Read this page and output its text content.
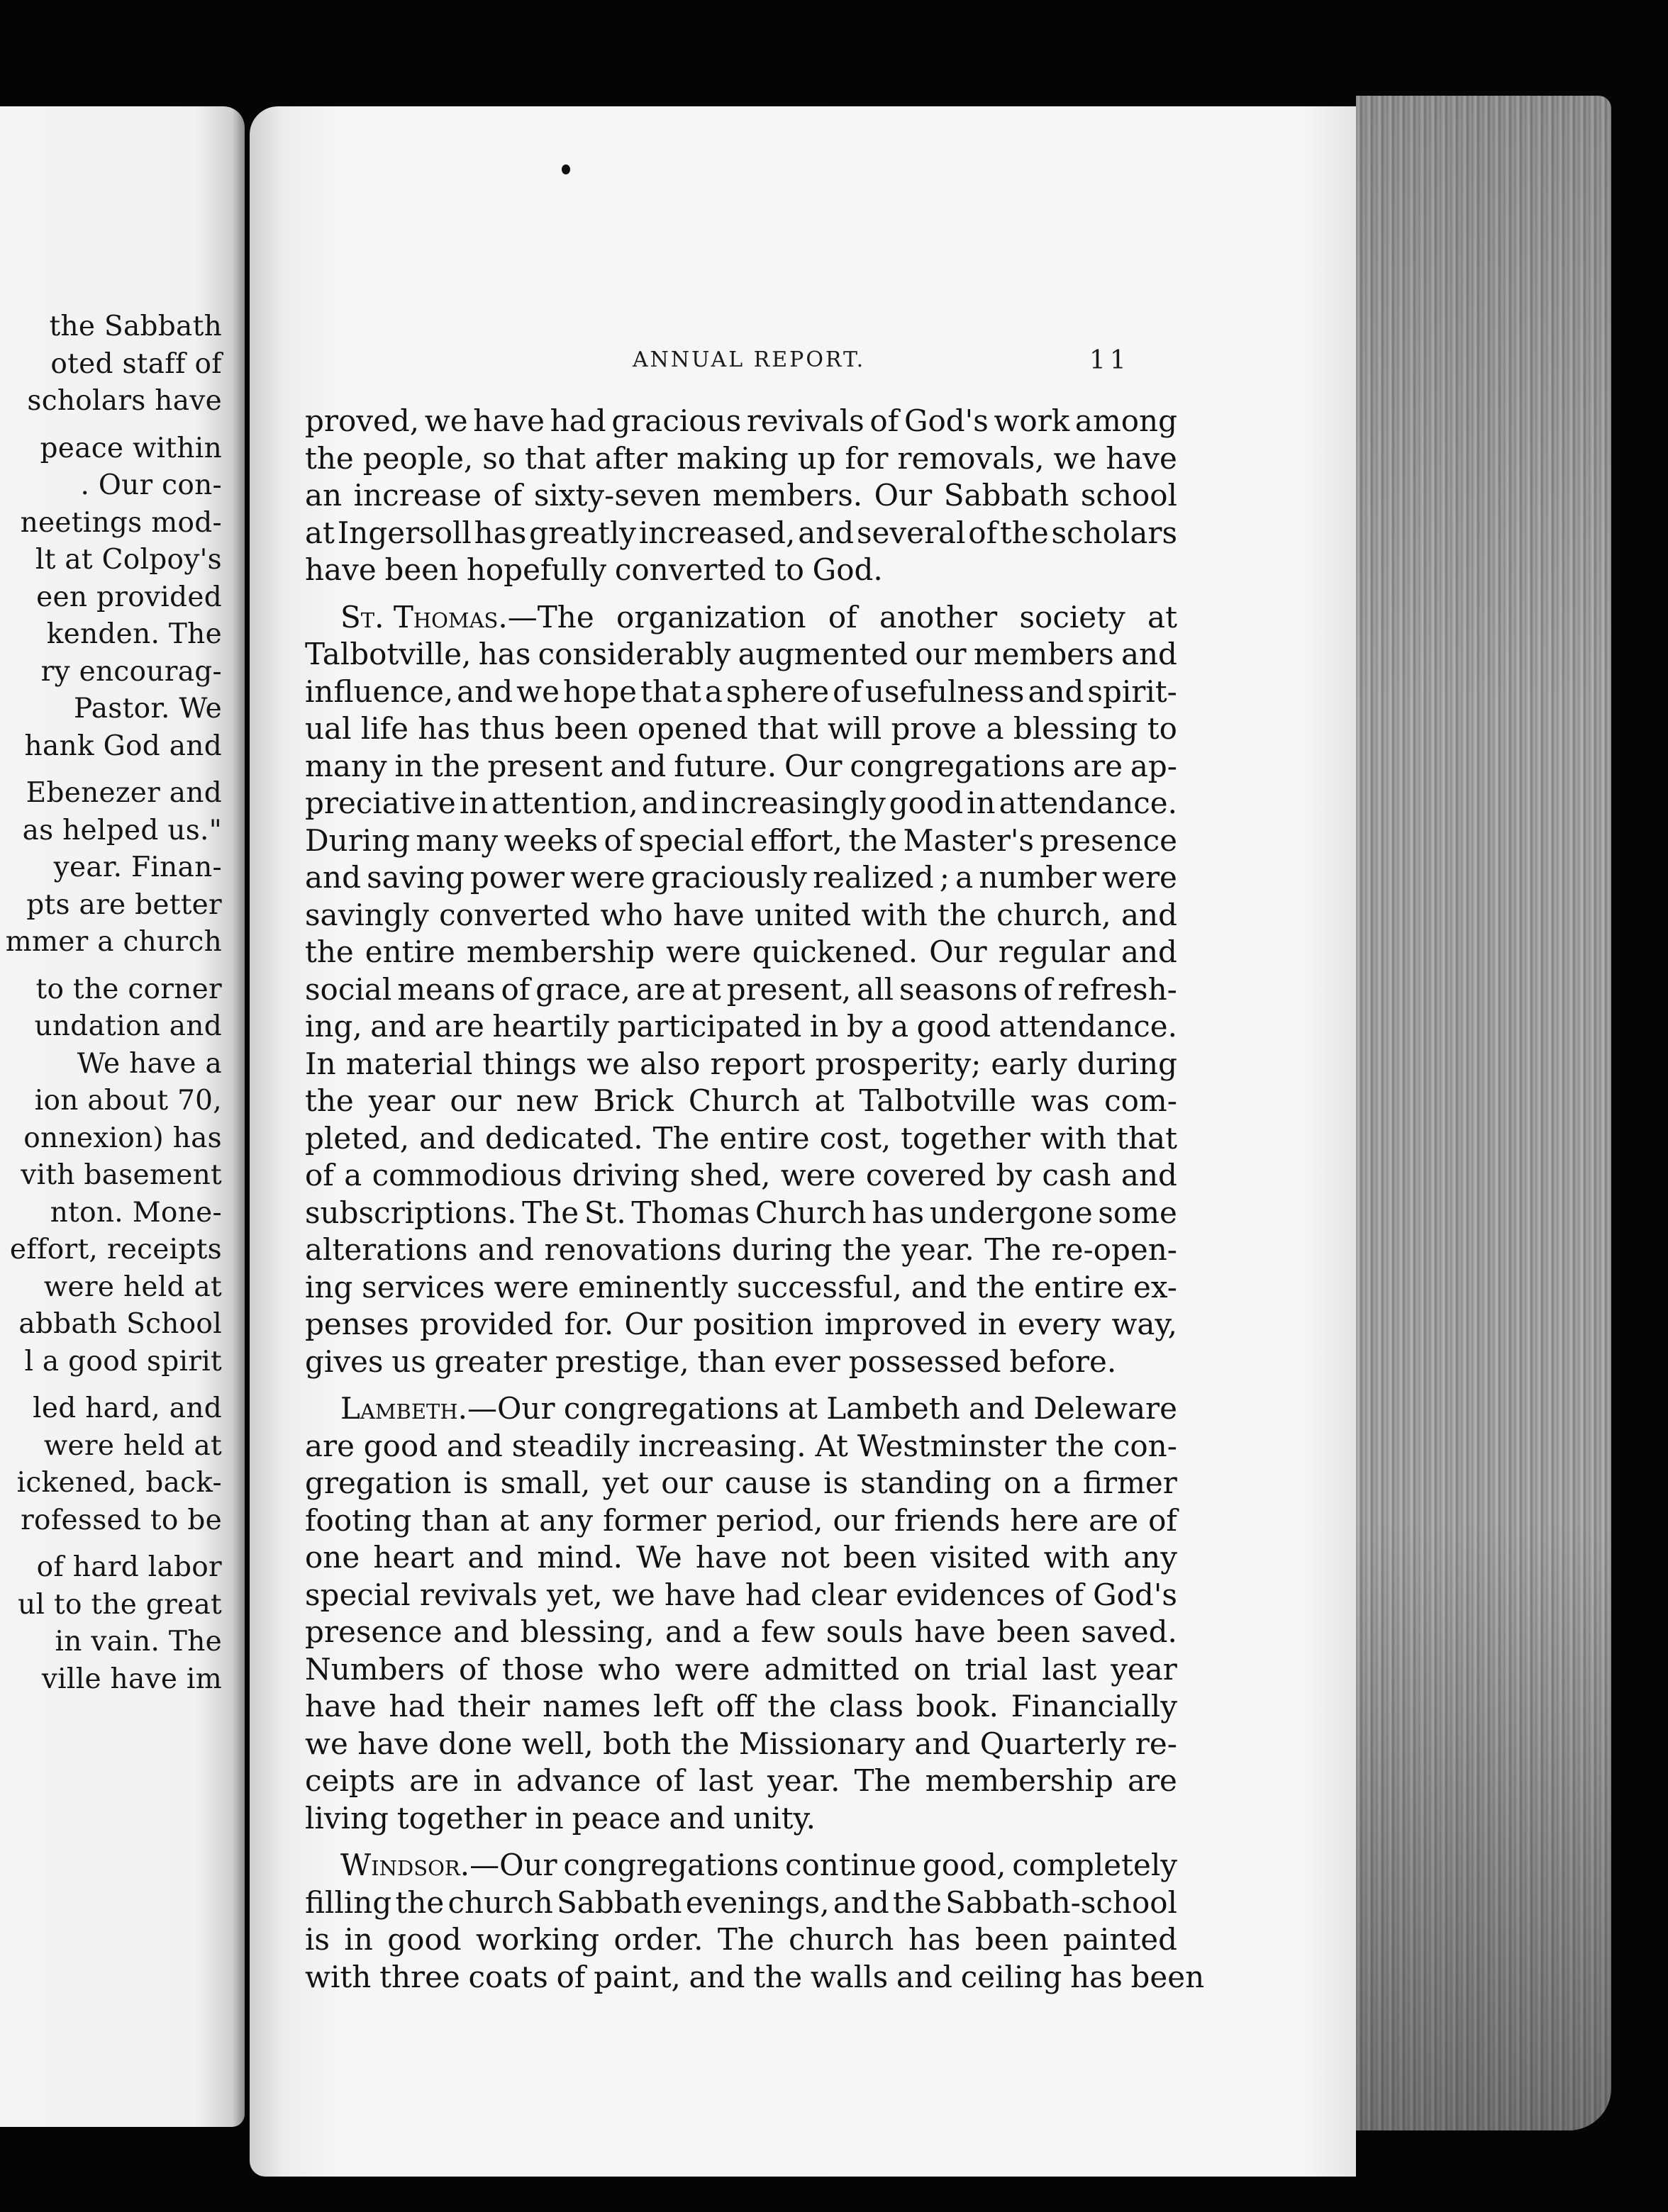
the Sabbath
oted staff of
scholars have
peace within
. Our con-
neetings mod-
lt at Colpoy's
een provided
kenden. The
ry encourag-
Pastor. We
hank God and
Ebenezer and
as helped us."
year. Finan-
pts are better
mmer a church
to the corner
undation and
We have a
ion about 70,
onnexion) has
vith basement
nton. Mone-
effort, receipts
were held at
abbath School
l a good spirit
led hard, and
were held at
ickened, back-
rofessed to be
of hard labor
ul to the great
in vain. The
ville have im
ANNUAL REPORT.	11
proved, we have had gracious revivals of God's work among
the people, so that after making up for removals, we have
an increase of sixty-seven members. Our Sabbath school
at Ingersoll has greatly increased, and several of the scholars
have been hopefully converted to God.
St. Thomas.—The organization of another society at
Talbotville, has considerably augmented our members and
influence, and we hope that a sphere of usefulness and spirit-
ual life has thus been opened that will prove a blessing to
many in the present and future. Our congregations are ap-
preciative in attention, and increasingly good in attendance.
During many weeks of special effort, the Master's presence
and saving power were graciously realized ; a number were
savingly converted who have united with the church, and
the entire membership were quickened. Our regular and
social means of grace, are at present, all seasons of refresh-
ing, and are heartily participated in by a good attendance.
In material things we also report prosperity; early during
the year our new Brick Church at Talbotville was com-
pleted, and dedicated. The entire cost, together with that
of a commodious driving shed, were covered by cash and
subscriptions. The St. Thomas Church has undergone some
alterations and renovations during the year. The re-open-
ing services were eminently successful, and the entire ex-
penses provided for. Our position improved in every way,
gives us greater prestige, than ever possessed before.
Lambeth.—Our congregations at Lambeth and Deleware
are good and steadily increasing. At Westminster the con-
gregation is small, yet our cause is standing on a firmer
footing than at any former period, our friends here are of
one heart and mind. We have not been visited with any
special revivals yet, we have had clear evidences of God's
presence and blessing, and a few souls have been saved.
Numbers of those who were admitted on trial last year
have had their names left off the class book. Financially
we have done well, both the Missionary and Quarterly re-
ceipts are in advance of last year. The membership are
living together in peace and unity.
Windsor.—Our congregations continue good, completely
filling the church Sabbath evenings, and the Sabbath-school
is in good working order. The church has been painted
with three coats of paint, and the walls and ceiling has been
